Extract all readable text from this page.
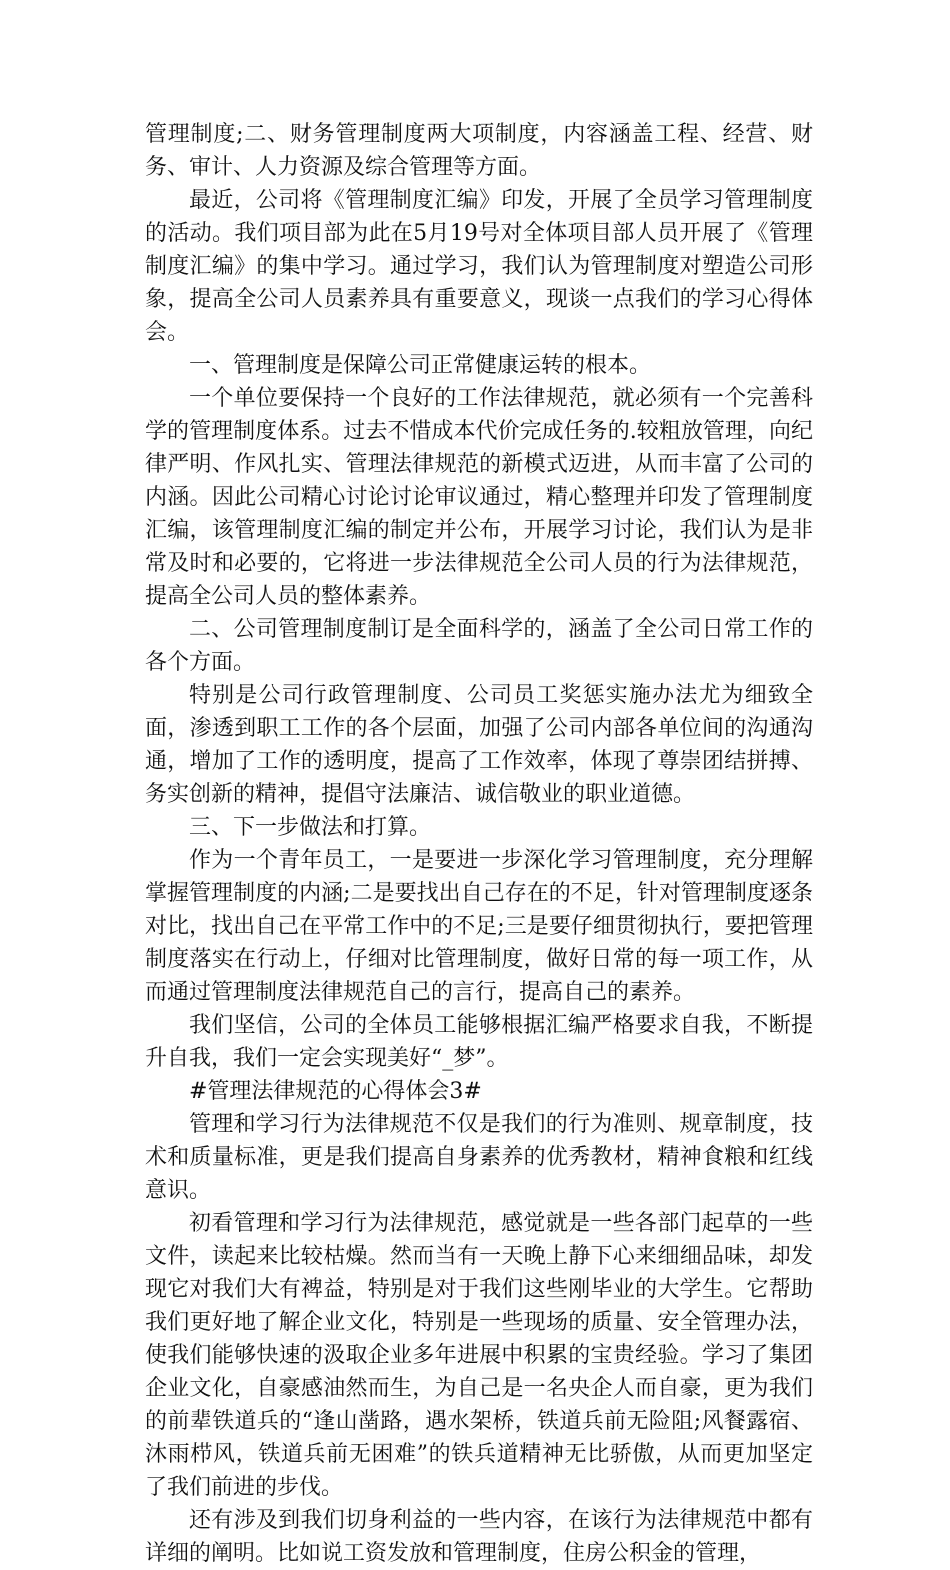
管理制度;二、财务管理制度两大项制度，内容涵盖工程、经营、财务、审计、人力资源及综合管理等方面。

最近，公司将《管理制度汇编》印发，开展了全员学习管理制度的活动。我们项目部为此在5月19号对全体项目部人员开展了《管理制度汇编》的集中学习。通过学习，我们认为管理制度对塑造公司形象，提高全公司人员素养具有重要意义，现谈一点我们的学习心得体会。

一、管理制度是保障公司正常健康运转的根本。

一个单位要保持一个良好的工作法律规范，就必须有一个完善科学的管理制度体系。过去不惜成本代价完成任务的.较粗放管理，向纪律严明、作风扎实、管理法律规范的新模式迈进，从而丰富了公司的内涵。因此公司精心讨论讨论审议通过，精心整理并印发了管理制度汇编，该管理制度汇编的制定并公布，开展学习讨论，我们认为是非常及时和必要的，它将进一步法律规范全公司人员的行为法律规范，提高全公司人员的整体素养。

二、公司管理制度制订是全面科学的，涵盖了全公司日常工作的各个方面。

特别是公司行政管理制度、公司员工奖惩实施办法尤为细致全面，渗透到职工工作的各个层面，加强了公司内部各单位间的沟通沟通，增加了工作的透明度，提高了工作效率，体现了尊崇团结拼搏、务实创新的精神，提倡守法廉洁、诚信敬业的职业道德。

三、下一步做法和打算。

作为一个青年员工，一是要进一步深化学习管理制度，充分理解掌握管理制度的内涵;二是要找出自己存在的不足，针对管理制度逐条对比，找出自己在平常工作中的不足;三是要仔细贯彻执行，要把管理制度落实在行动上，仔细对比管理制度，做好日常的每一项工作，从而通过管理制度法律规范自己的言行，提高自己的素养。

我们坚信，公司的全体员工能够根据汇编严格要求自我，不断提升自我，我们一定会实现美好“_梦”。

#管理法律规范的心得体会3#

管理和学习行为法律规范不仅是我们的行为准则、规章制度，技术和质量标准，更是我们提高自身素养的优秀教材，精神食粮和红线意识。

初看管理和学习行为法律规范，感觉就是一些各部门起草的一些文件，读起来比较枯燥。然而当有一天晚上静下心来细细品味，却发现它对我们大有裨益，特别是对于我们这些刚毕业的大学生。它帮助我们更好地了解企业文化，特别是一些现场的质量、安全管理办法，使我们能够快速的汲取企业多年进展中积累的宝贵经验。学习了集团企业文化，自豪感油然而生，为自己是一名央企人而自豪，更为我们的前辈铁道兵的“逢山凿路，遇水架桥，铁道兵前无险阻;风餐露宿、沐雨栉风，铁道兵前无困难”的铁兵道精神无比骄傲，从而更加坚定了我们前进的步伐。

还有涉及到我们切身利益的一些内容，在该行为法律规范中都有详细的阐明。比如说工资发放和管理制度，住房公积金的管理，
